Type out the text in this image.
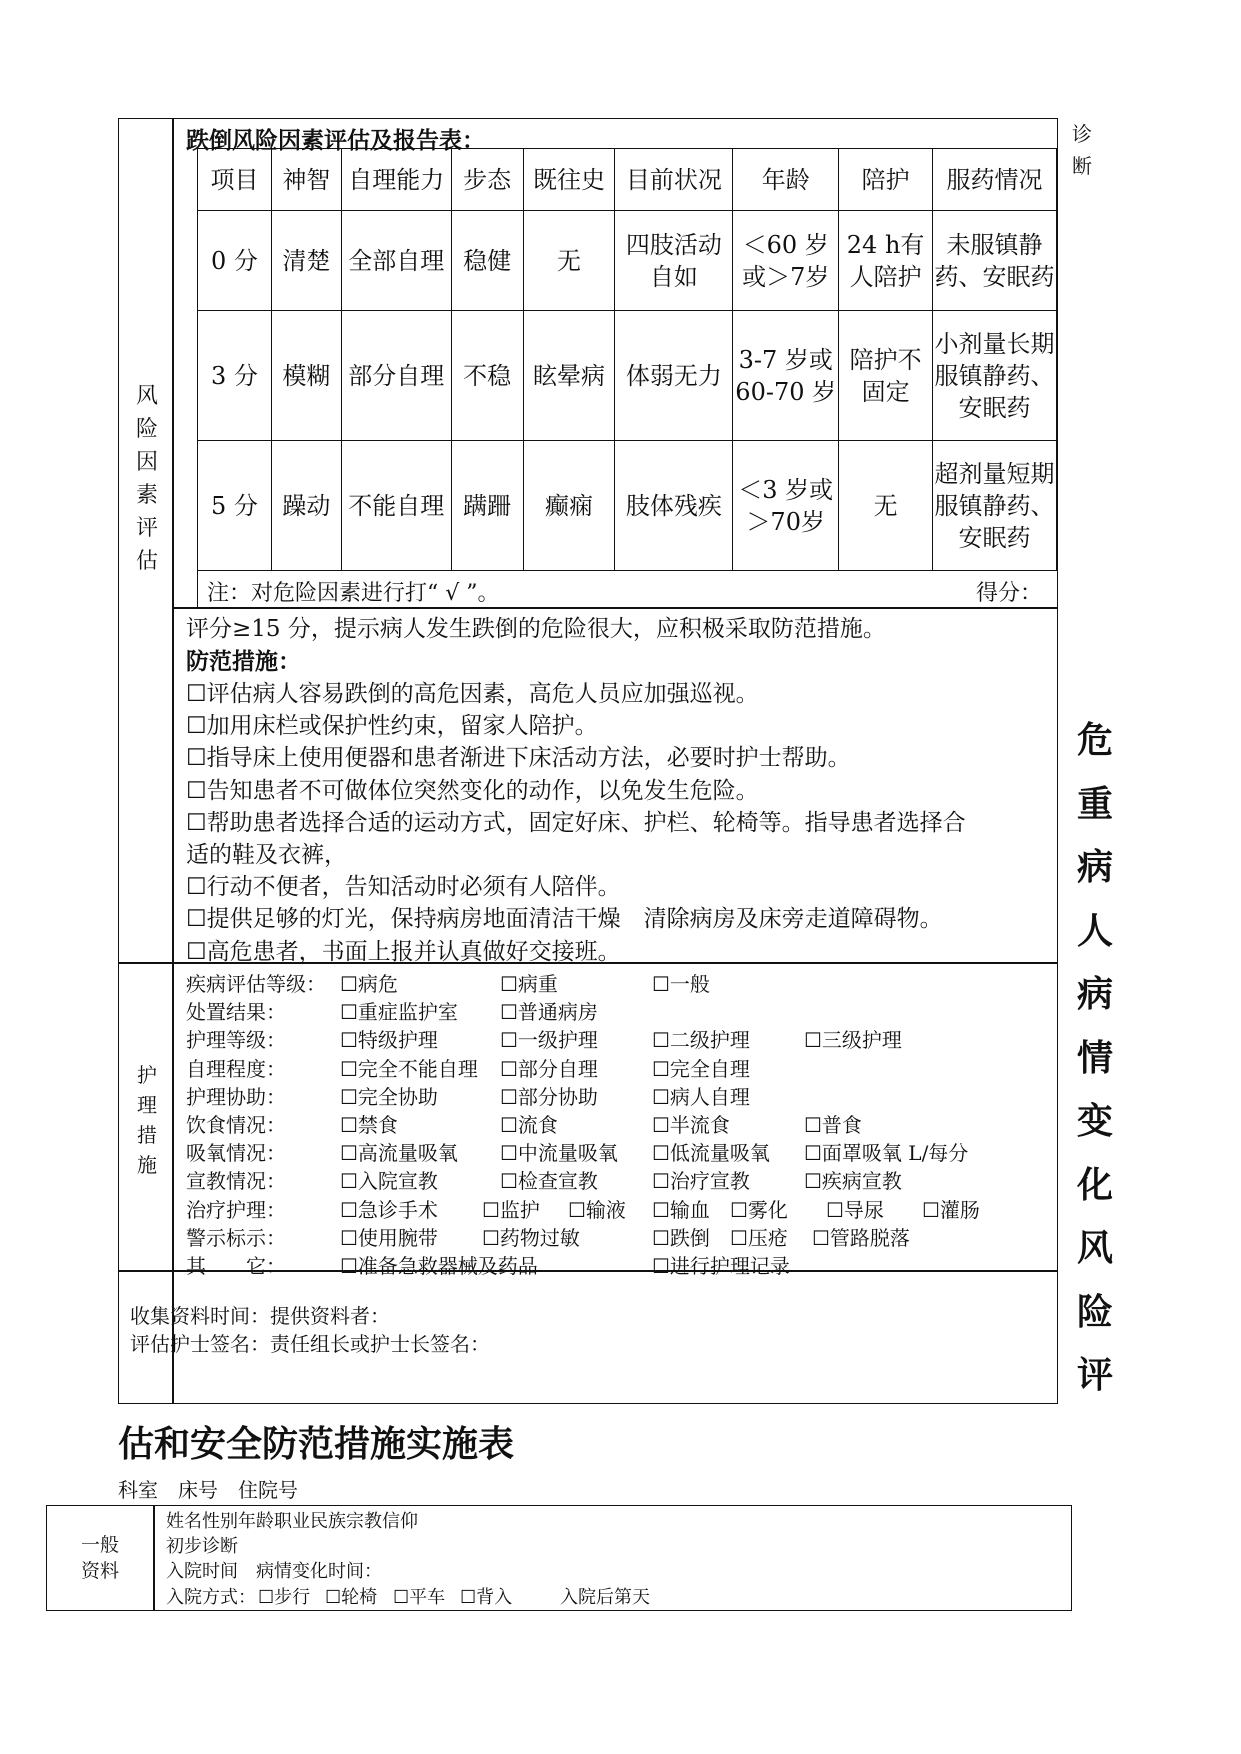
诊断
危
重
病
人
病
情
变
化
风
险
评
风
险
因
素
评
估
护
理
措
施
跌倒风险因素评估及报告表：
项目	神智	自理能力	步态	既往史	目前状况	年龄	陪护	服药情况
0 分	清楚	全部自理	稳健	无	四肢活动自如	＜60 岁或＞7岁	24 h有人陪护	未服镇静药、安眠药
3 分	模糊	部分自理	不稳	眩晕病	体弱无力	3-7 岁或 60-70 岁	陪护不固定	小剂量长期服镇静药、安眠药
5 分	躁动	不能自理	蹒跚	癫痫	肢体残疾	＜3 岁或＞70岁	无	超剂量短期服镇静药、安眠药

注：对危险因素进行打“ √ ”。	得分：
评分≥15 分，提示病人发生跌倒的危险很大，应积极采取防范措施。
防范措施：
☐评估病人容易跌倒的高危因素，高危人员应加强巡视。
☐加用床栏或保护性约束，留家人陪护。
☐指导床上使用便器和患者渐进下床活动方法，必要时护士帮助。
☐告知患者不可做体位突然变化的动作，以免发生危险。
☐帮助患者选择合适的运动方式，固定好床、护栏、轮椅等。指导患者选择合
适的鞋及衣裤，
☐行动不便者，告知活动时必须有人陪伴。
☐提供足够的灯光，保持病房地面清洁干燥　清除病房及床旁走道障碍物。
☐高危患者，书面上报并认真做好交接班。
疾病评估等级： ☐病危	☐病重	☐一般
处置结果：	☐重症监护室 ☐普通病房
护理等级：	☐特级护理	☐一级护理	☐二级护理	☐三级护理
自理程度：	☐完全不能自理 ☐部分自理	☐完全自理
护理协助：	☐完全协助	☐部分协助	☐病人自理
饮食情况：	☐禁食	☐流食	☐半流食	☐普食
吸氧情况：	☐高流量吸氧 ☐中流量吸氧 ☐低流量吸氧 ☐面罩吸氧 L/每分
宣教情况：	☐入院宣教	☐检查宣教	☐治疗宣教	☐疾病宣教
治疗护理：	☐急诊手术 ☐监护 ☐输液 ☐输血 ☐雾化 ☐导尿 ☐灌肠
警示标示：	☐使用腕带 ☐药物过敏	☐跌倒 ☐压疮 ☐管路脱落
其　　它：	☐准备急救器械及药品	☐进行护理记录
收集资料时间：提供资料者：
评估护士签名：责任组长或护士长签名：
估和安全防范措施实施表
科室　床号　住院号
一般
资料
姓名性别年龄职业民族宗教信仰
初步诊断
入院时间　病情变化时间：
入院方式： ☐步行 ☐轮椅 ☐平车 ☐背入	入院后第天
